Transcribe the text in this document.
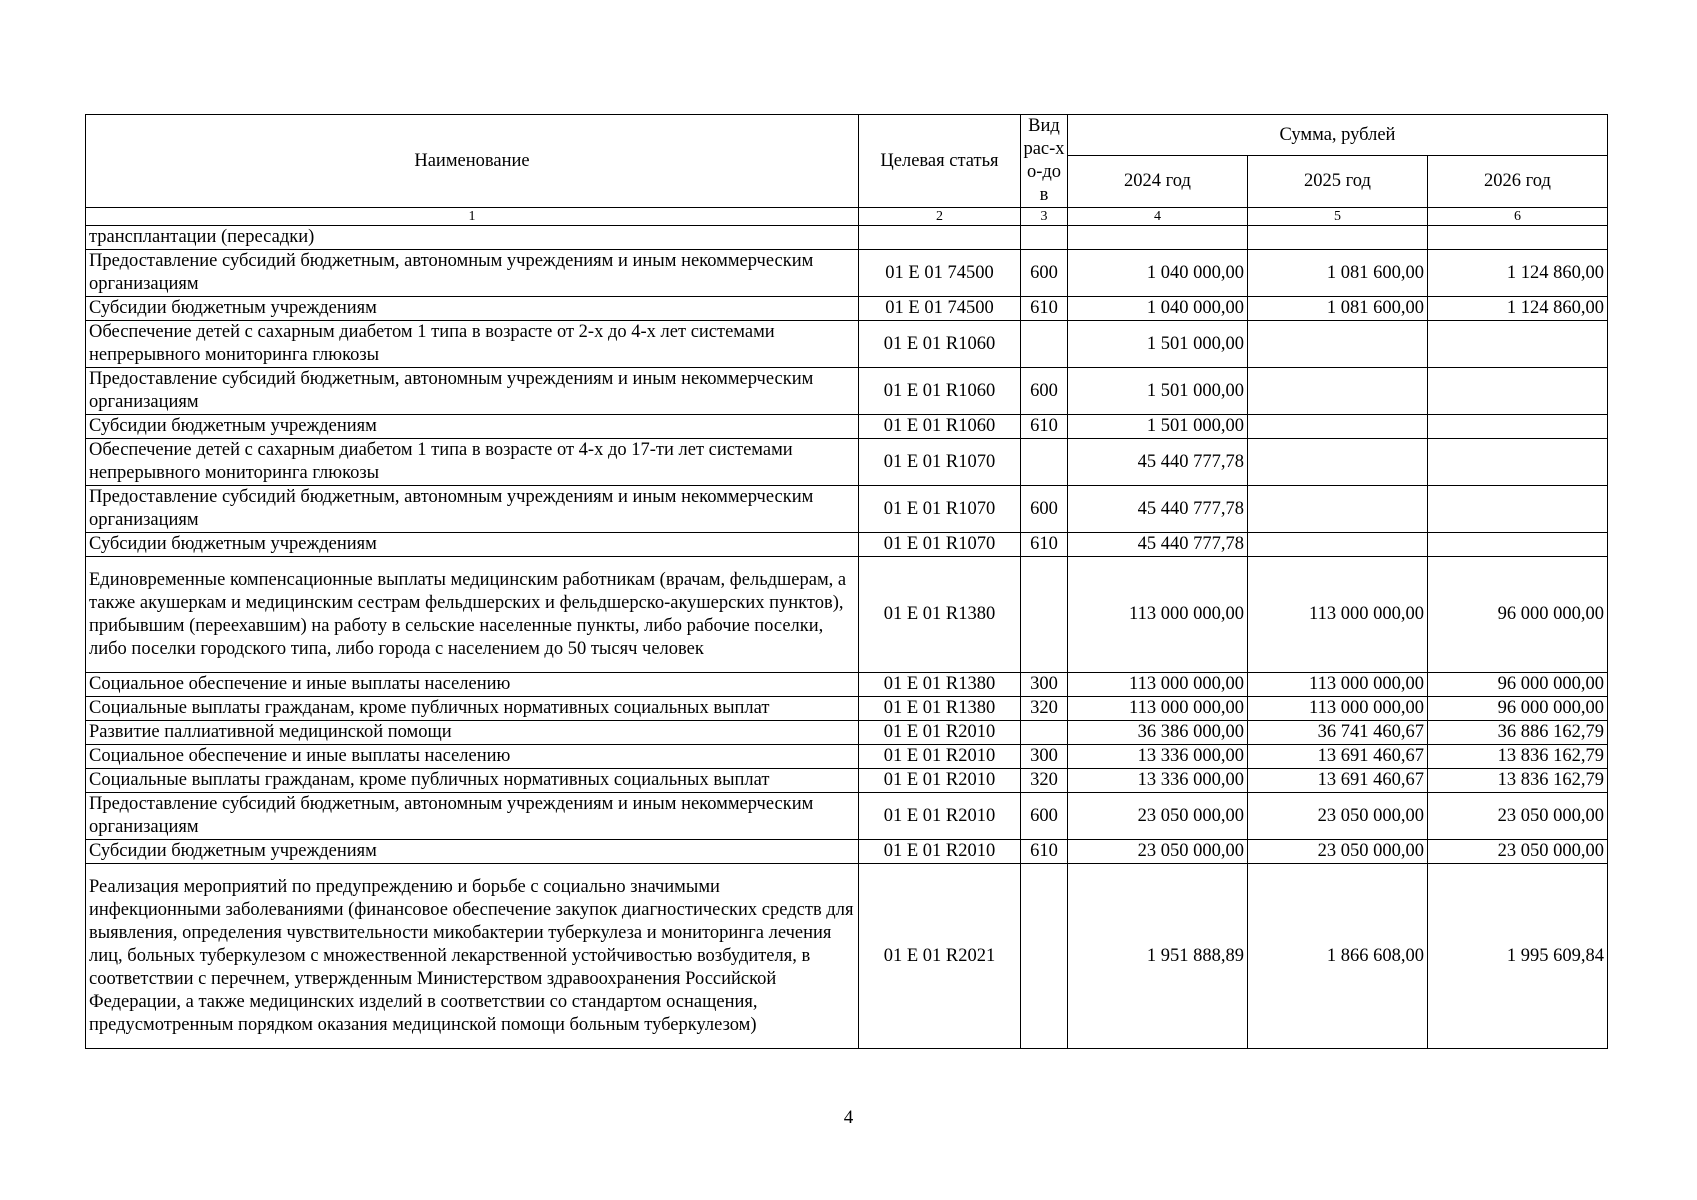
Наименование	Целевая статья	Вид рас-хо-дов	Сумма, рублей		
			2024 год	2025 год	2026 год
1	2	3	4	5	6
трансплантации (пересадки)					
Предоставление субсидий бюджетным, автономным учреждениям и иным некоммерческим организациям	01 E 01 74500	600	1 040 000,00	1 081 600,00	1 124 860,00
Субсидии бюджетным учреждениям	01 E 01 74500	610	1 040 000,00	1 081 600,00	1 124 860,00
Обеспечение детей с сахарным диабетом 1 типа в возрасте от 2-х до 4-х лет системами непрерывного мониторинга глюкозы	01 E 01 R1060		1 501 000,00		
Предоставление субсидий бюджетным, автономным учреждениям и иным некоммерческим организациям	01 E 01 R1060	600	1 501 000,00		
Субсидии бюджетным учреждениям	01 E 01 R1060	610	1 501 000,00		
Обеспечение детей с сахарным диабетом 1 типа в возрасте от 4-х до 17-ти лет системами непрерывного мониторинга глюкозы	01 E 01 R1070		45 440 777,78		
Предоставление субсидий бюджетным, автономным учреждениям и иным некоммерческим организациям	01 E 01 R1070	600	45 440 777,78		
Субсидии бюджетным учреждениям	01 E 01 R1070	610	45 440 777,78		
Единовременные компенсационные выплаты медицинским работникам (врачам, фельдшерам, а также акушеркам и медицинским сестрам фельдшерских и фельдшерско-акушерских пунктов), прибывшим (переехавшим) на работу в сельские населенные пункты, либо рабочие поселки, либо поселки городского типа, либо города с населением до 50 тысяч человек	01 E 01 R1380		113 000 000,00	113 000 000,00	96 000 000,00
Социальное обеспечение и иные выплаты населению	01 E 01 R1380	300	113 000 000,00	113 000 000,00	96 000 000,00
Социальные выплаты гражданам, кроме публичных нормативных социальных выплат	01 E 01 R1380	320	113 000 000,00	113 000 000,00	96 000 000,00
Развитие паллиативной медицинской помощи	01 E 01 R2010		36 386 000,00	36 741 460,67	36 886 162,79
Социальное обеспечение и иные выплаты населению	01 E 01 R2010	300	13 336 000,00	13 691 460,67	13 836 162,79
Социальные выплаты гражданам, кроме публичных нормативных социальных выплат	01 E 01 R2010	320	13 336 000,00	13 691 460,67	13 836 162,79
Предоставление субсидий бюджетным, автономным учреждениям и иным некоммерческим организациям	01 E 01 R2010	600	23 050 000,00	23 050 000,00	23 050 000,00
Субсидии бюджетным учреждениям	01 E 01 R2010	610	23 050 000,00	23 050 000,00	23 050 000,00
Реализация мероприятий по предупреждению и борьбе с социально значимыми инфекционными заболеваниями (финансовое обеспечение закупок диагностических средств для выявления, определения чувствительности микобактерии туберкулеза и мониторинга лечения лиц, больных туберкулезом с множественной лекарственной устойчивостью возбудителя, в соответствии с перечнем, утвержденным Министерством здравоохранения Российской Федерации, а также медицинских изделий в соответствии со стандартом оснащения, предусмотренным порядком оказания медицинской помощи больным туберкулезом)	01 E 01 R2021		1 951 888,89	1 866 608,00	1 995 609,84
4
